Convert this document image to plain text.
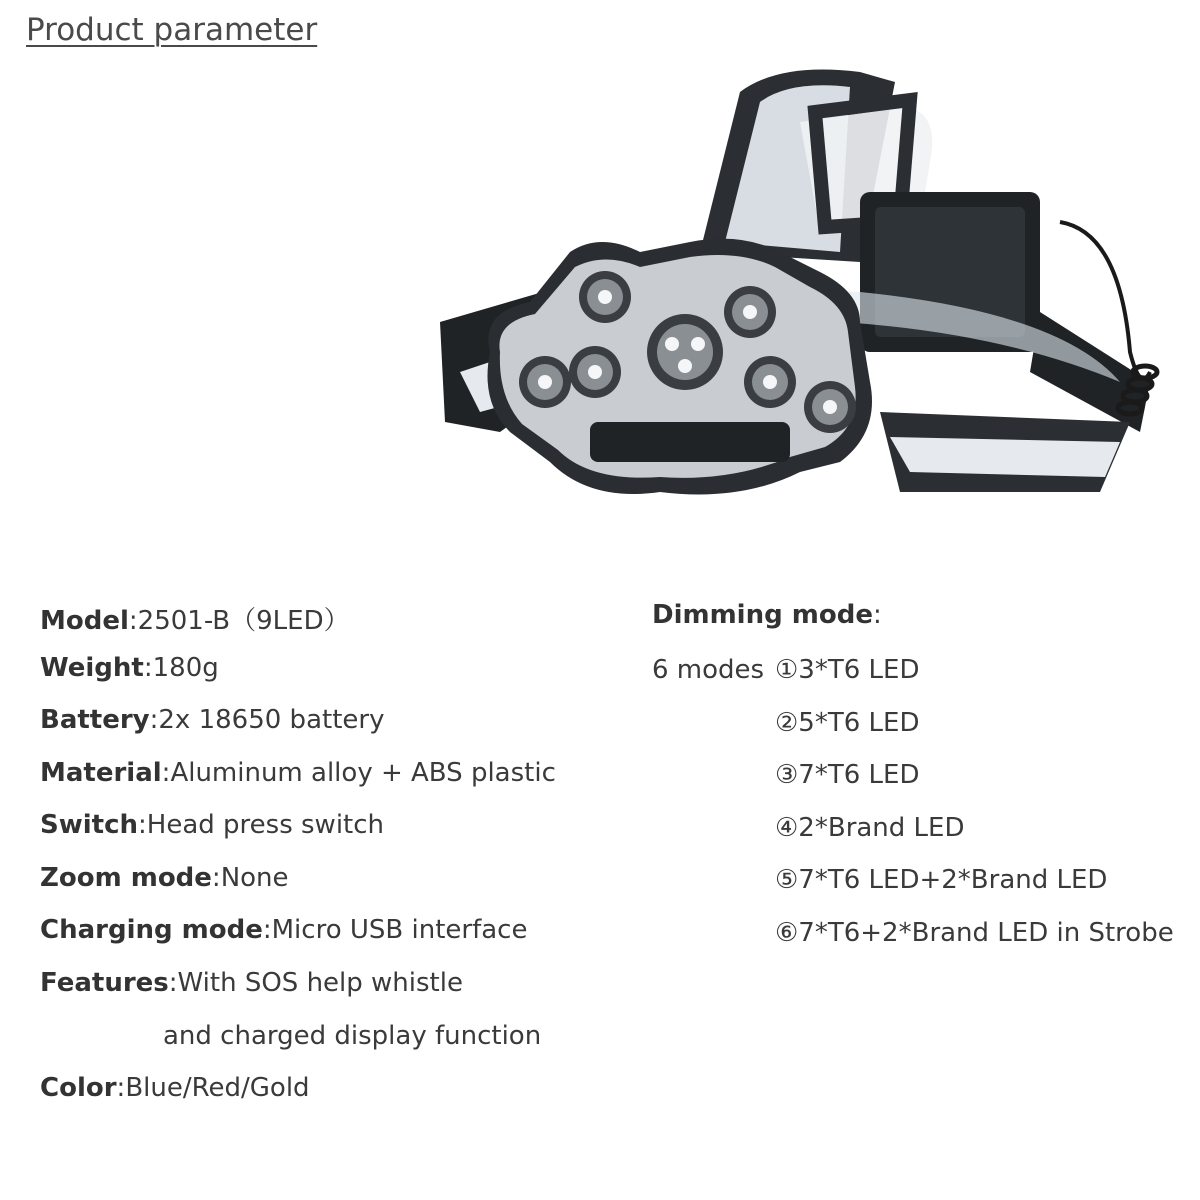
Product parameter
Model:2501-B（9LED）
Weight:180g
Battery:2x 18650 battery
Material:Aluminum alloy + ABS plastic
Switch:Head press switch
Zoom mode:None
Charging mode:Micro USB interface
Features:With SOS help whistle
and charged display function
Color:Blue/Red/Gold
Dimming mode:
6 modes ①3*T6 LED
②5*T6 LED
③7*T6 LED
④2*Brand LED
⑤7*T6 LED+2*Brand LED
⑥7*T6+2*Brand LED in Strobe
